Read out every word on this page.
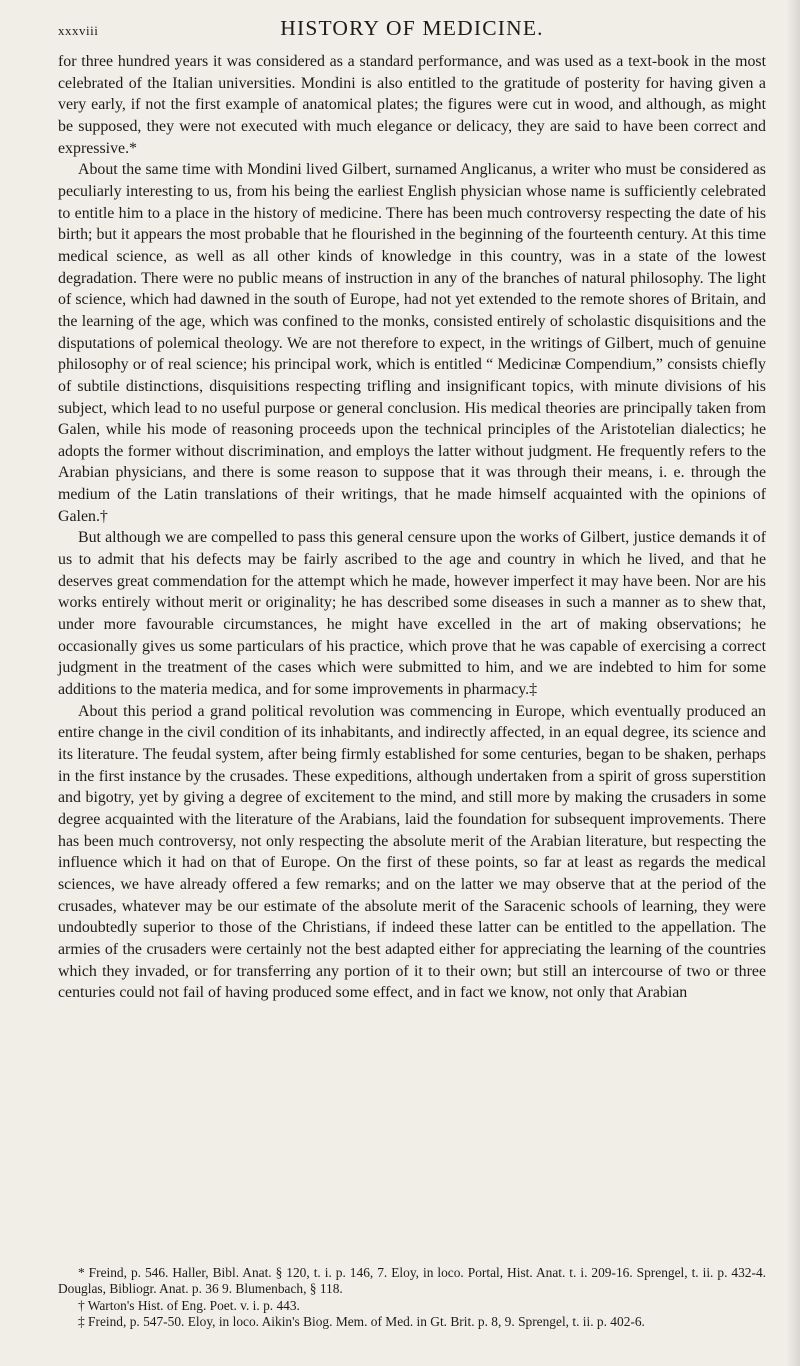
xxxviii	HISTORY OF MEDICINE.

for three hundred years it was considered as a standard performance, and was used as a text-book in the most celebrated of the Italian universities. Mondini is also entitled to the gratitude of posterity for having given a very early, if not the first example of anatomical plates; the figures were cut in wood, and although, as might be supposed, they were not executed with much elegance or delicacy, they are said to have been correct and expressive.*

About the same time with Mondini lived Gilbert, surnamed Anglicanus, a writer who must be considered as peculiarly interesting to us, from his being the earliest English physician whose name is sufficiently celebrated to entitle him to a place in the history of medicine. There has been much controversy respecting the date of his birth; but it appears the most probable that he flourished in the beginning of the fourteenth century. At this time medical science, as well as all other kinds of knowledge in this country, was in a state of the lowest degradation. There were no public means of instruction in any of the branches of natural philosophy. The light of science, which had dawned in the south of Europe, had not yet extended to the remote shores of Britain, and the learning of the age, which was confined to the monks, consisted entirely of scholastic disquisitions and the disputations of polemical theology. We are not therefore to expect, in the writings of Gilbert, much of genuine philosophy or of real science; his principal work, which is entitled “ Medicinæ Compendium,” consists chiefly of subtile distinctions, disquisitions respecting trifling and insignificant topics, with minute divisions of his subject, which lead to no useful purpose or general conclusion. His medical theories are principally taken from Galen, while his mode of reasoning proceeds upon the technical principles of the Aristotelian dialectics; he adopts the former without discrimination, and employs the latter without judgment. He frequently refers to the Arabian physicians, and there is some reason to suppose that it was through their means, i. e. through the medium of the Latin translations of their writings, that he made himself acquainted with the opinions of Galen.†

But although we are compelled to pass this general censure upon the works of Gilbert, justice demands it of us to admit that his defects may be fairly ascribed to the age and country in which he lived, and that he deserves great commendation for the attempt which he made, however imperfect it may have been. Nor are his works entirely without merit or originality; he has described some diseases in such a manner as to shew that, under more favourable circumstances, he might have excelled in the art of making observations; he occasionally gives us some particulars of his practice, which prove that he was capable of exercising a correct judgment in the treatment of the cases which were submitted to him, and we are indebted to him for some additions to the materia medica, and for some improvements in pharmacy.‡

About this period a grand political revolution was commencing in Europe, which eventually produced an entire change in the civil condition of its inhabitants, and indirectly affected, in an equal degree, its science and its literature. The feudal system, after being firmly established for some centuries, began to be shaken, perhaps in the first instance by the crusades. These expeditions, although undertaken from a spirit of gross superstition and bigotry, yet by giving a degree of excitement to the mind, and still more by making the crusaders in some degree acquainted with the literature of the Arabians, laid the foundation for subsequent improvements. There has been much controversy, not only respecting the absolute merit of the Arabian literature, but respecting the influence which it had on that of Europe. On the first of these points, so far at least as regards the medical sciences, we have already offered a few remarks; and on the latter we may observe that at the period of the crusades, whatever may be our estimate of the absolute merit of the Saracenic schools of learning, they were undoubtedly superior to those of the Christians, if indeed these latter can be entitled to the appellation. The armies of the crusaders were certainly not the best adapted either for appreciating the learning of the countries which they invaded, or for transferring any portion of it to their own; but still an intercourse of two or three centuries could not fail of having produced some effect, and in fact we know, not only that Arabian

* Freind, p. 546. Haller, Bibl. Anat. § 120, t. i. p. 146, 7. Eloy, in loco. Portal, Hist. Anat. t. i. 209-16. Sprengel, t. ii. p. 432-4. Douglas, Bibliogr. Anat. p. 36 9. Blumenbach, § 118.

† Warton's Hist. of Eng. Poet. v. i. p. 443.

‡ Freind, p. 547-50. Eloy, in loco. Aikin's Biog. Mem. of Med. in Gt. Brit. p. 8, 9. Sprengel, t. ii. p. 402-6.
